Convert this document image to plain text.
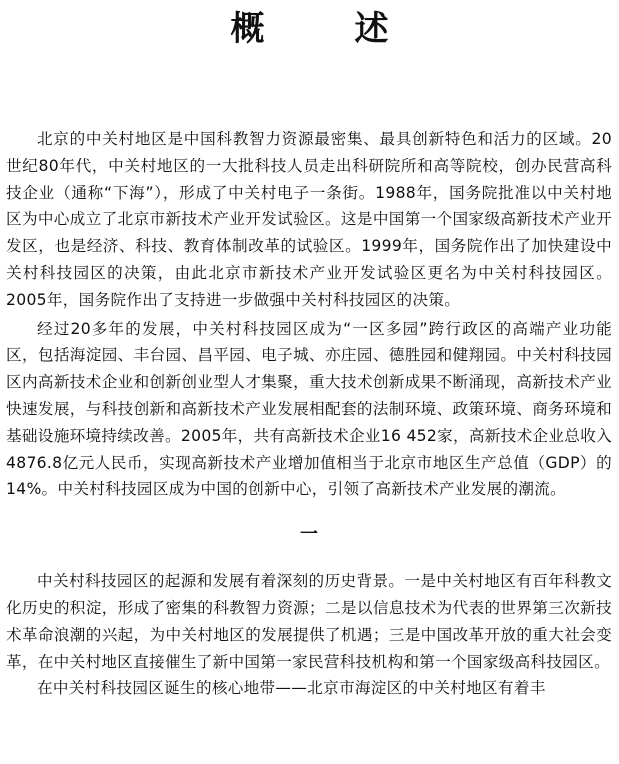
概　述

北京的中关村地区是中国科教智力资源最密集、最具创新特色和活力的区域。20世纪80年代，中关村地区的一大批科技人员走出科研院所和高等院校，创办民营高科技企业（通称“下海”），形成了中关村电子一条街。1988年，国务院批准以中关村地区为中心成立了北京市新技术产业开发试验区。这是中国第一个国家级高新技术产业开发区，也是经济、科技、教育体制改革的试验区。1999年，国务院作出了加快建设中关村科技园区的决策，由此北京市新技术产业开发试验区更名为中关村科技园区。2005年，国务院作出了支持进一步做强中关村科技园区的决策。

经过20多年的发展，中关村科技园区成为“一区多园”跨行政区的高端产业功能区，包括海淀园、丰台园、昌平园、电子城、亦庄园、德胜园和健翔园。中关村科技园区内高新技术企业和创新创业型人才集聚，重大技术创新成果不断涌现，高新技术产业快速发展，与科技创新和高新技术产业发展相配套的法制环境、政策环境、商务环境和基础设施环境持续改善。2005年，共有高新技术企业16 452家，高新技术企业总收入4876.8亿元人民币，实现高新技术产业增加值相当于北京市地区生产总值（GDP）的14%。中关村科技园区成为中国的创新中心，引领了高新技术产业发展的潮流。

一

中关村科技园区的起源和发展有着深刻的历史背景。一是中关村地区有百年科教文化历史的积淀，形成了密集的科教智力资源；二是以信息技术为代表的世界第三次新技术革命浪潮的兴起，为中关村地区的发展提供了机遇；三是中国改革开放的重大社会变革，在中关村地区直接催生了新中国第一家民营科技机构和第一个国家级高科技园区。

在中关村科技园区诞生的核心地带——北京市海淀区的中关村地区有着丰
